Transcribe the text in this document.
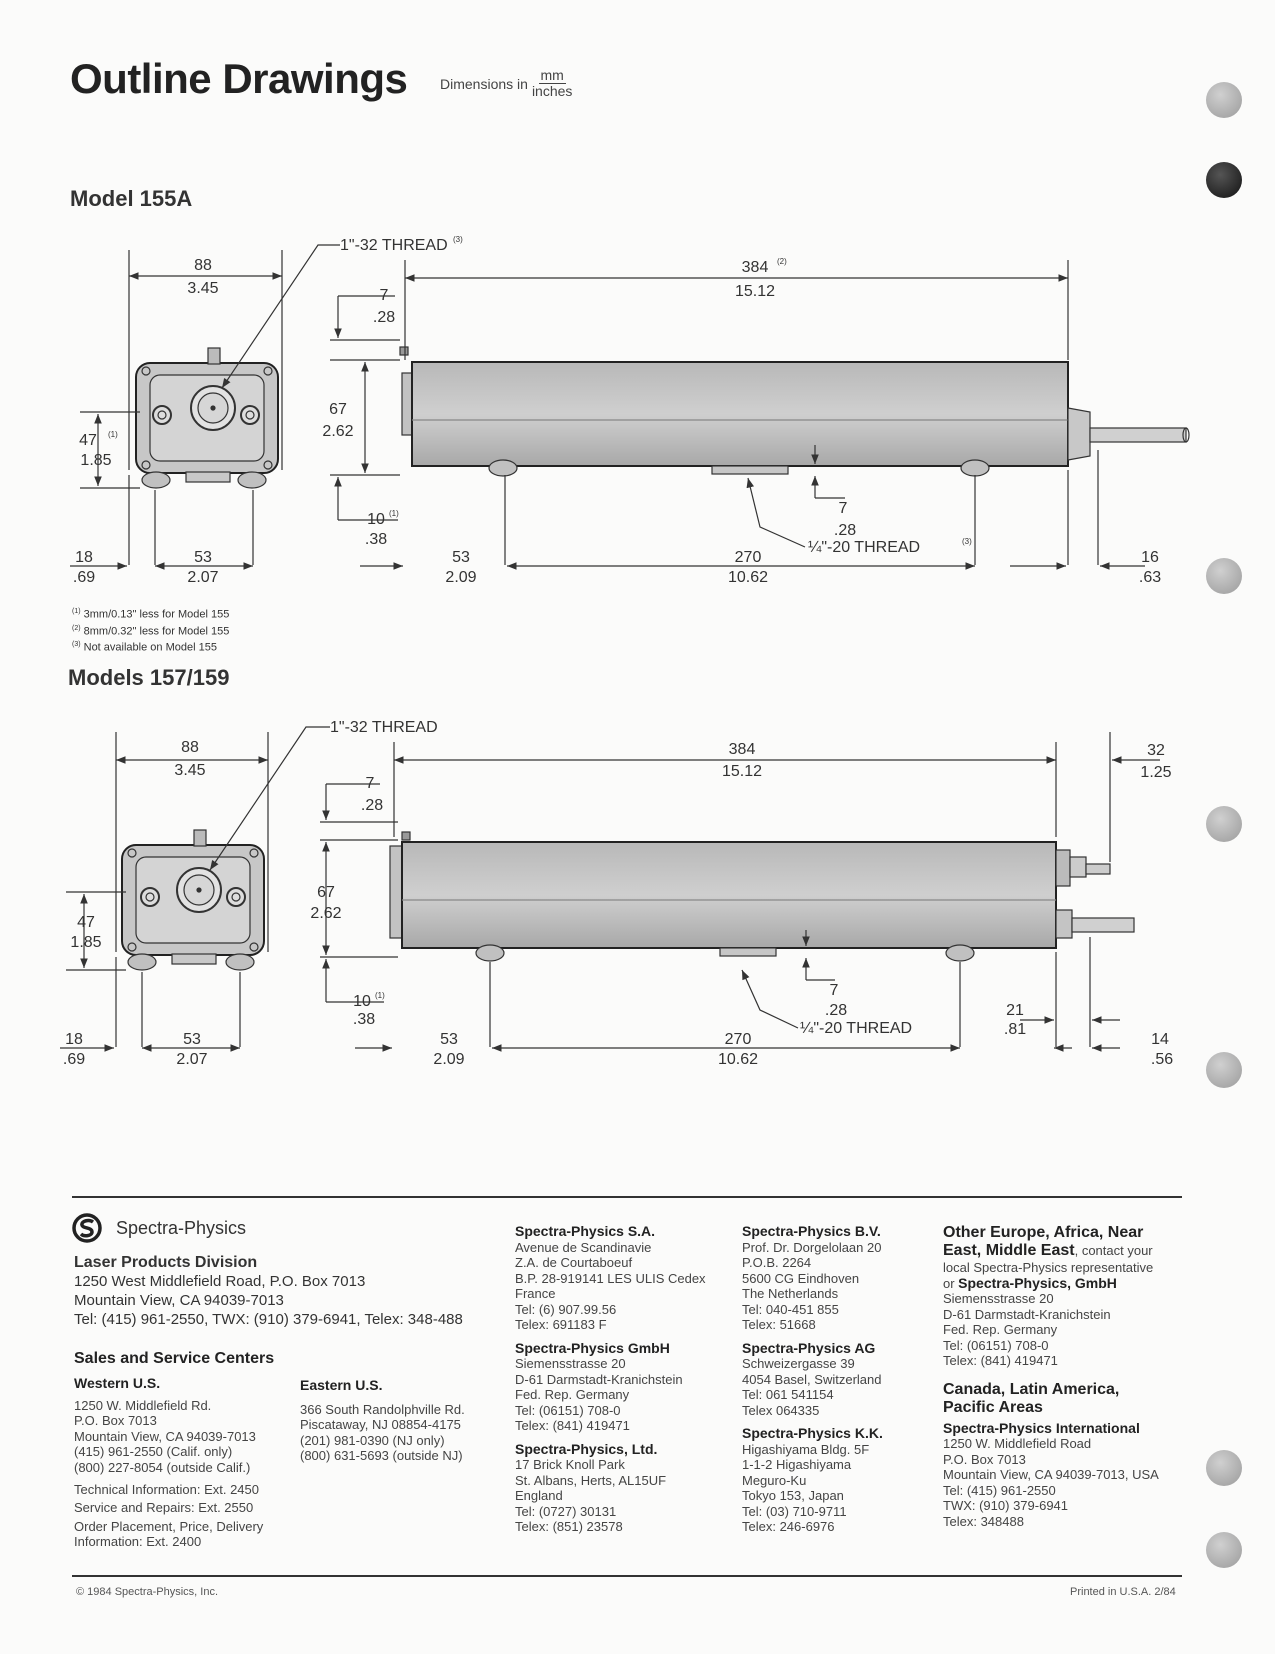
Outline Drawings Dimensions in $\frac{mm}{\text{inches}}$
Model 155A
1"-32 THREAD (3)
88
3.45
384 (2)
15.12
7
.28
67
2.62
47 (1)
1.85
7
.28
¼"-20 THREAD	(3)
10 (1)
.38
18
.69
53
2.07
53
2.09
270
10.62
16
.63
$^{(1)}$ 3mm/0.13" less for Model 155
$^{(2)}$ 8mm/0.32" less for Model 155
$^{(3)}$ Not available on Model 155
Models 157/159
1"-32 THREAD
88
3.45
384
15.12
32
1.25
7
.28
67
2.62
47
1.85
7
.28
¼"-20 THREAD
10 (1)
.38
21
.81
18
.69
53
2.07
53
2.09
270
10.62
14
.56
Spectra-Physics
Laser Products Division
1250 West Middlefield Road, P.O. Box 7013
Mountain View, CA 94039-7013
Tel: (415) 961-2550, TWX: (910) 379-6941, Telex: 348-488
Sales and Service Centers
Western U.S.
1250 W. Middlefield Rd.
P.O. Box 7013
Mountain View, CA 94039-7013
(415) 961-2550 (Calif. only)
(800) 227-8054 (outside Calif.)
Technical Information: Ext. 2450
Service and Repairs: Ext. 2550
Order Placement, Price, Delivery
Information: Ext. 2400
Eastern U.S.
366 South Randolphville Rd.
Piscataway, NJ 08854-4175
(201) 981-0390 (NJ only)
(800) 631-5693 (outside NJ)
Spectra-Physics S.A.
Avenue de Scandinavie
Z.A. de Courtaboeuf
B.P. 28-919141 LES ULIS Cedex
France
Tel: (6) 907.99.56
Telex: 691183 F
Spectra-Physics GmbH
Siemensstrasse 20
D-61 Darmstadt-Kranichstein
Fed. Rep. Germany
Tel: (06151) 708-0
Telex: (841) 419471
Spectra-Physics, Ltd.
17 Brick Knoll Park
St. Albans, Herts, AL15UF
England
Tel: (0727) 30131
Telex: (851) 23578
Spectra-Physics B.V.
Prof. Dr. Dorgelolaan 20
P.O.B. 2264
5600 CG Eindhoven
The Netherlands
Tel: 040-451 855
Telex: 51668
Spectra-Physics AG
Schweizergasse 39
4054 Basel, Switzerland
Tel: 061 541154
Telex 064335
Spectra-Physics K.K.
Higashiyama Bldg. 5F
1-1-2 Higashiyama
Meguro-Ku
Tokyo 153, Japan
Tel: (03) 710-9711
Telex: 246-6976
Other Europe, Africa, Near
East, Middle East, contact your
local Spectra-Physics representative
or Spectra-Physics, GmbH
Siemensstrasse 20
D-61 Darmstadt-Kranichstein
Fed. Rep. Germany
Tel: (06151) 708-0
Telex: (841) 419471
Canada, Latin America,
Pacific Areas
Spectra-Physics International
1250 W. Middlefield Road
P.O. Box 7013
Mountain View, CA 94039-7013, USA
Tel: (415) 961-2550
TWX: (910) 379-6941
Telex: 348488
© 1984 Spectra-Physics, Inc.	Printed in U.S.A. 2/84
